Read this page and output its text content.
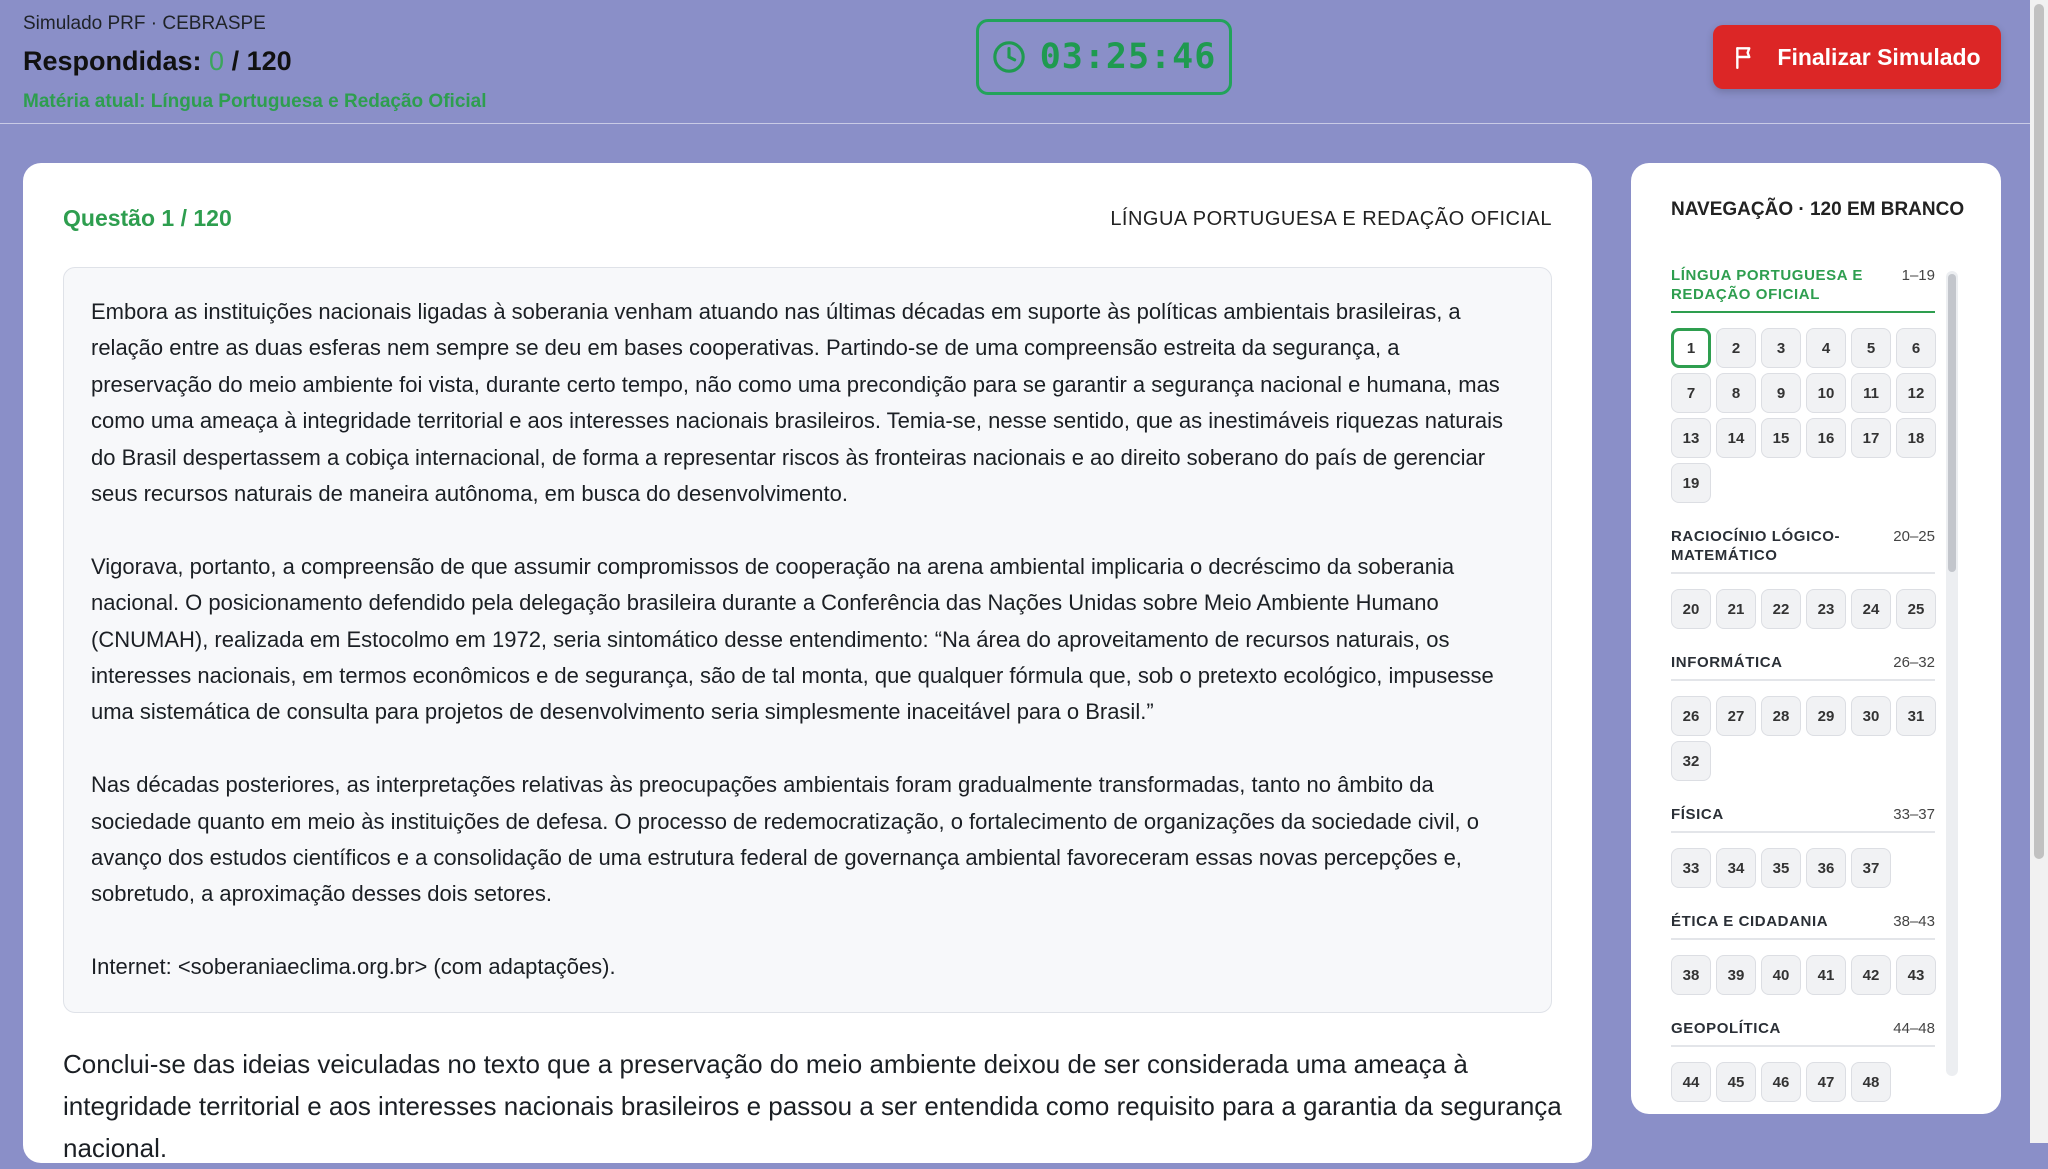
Simulado PRF · CEBRASPE
Respondidas: 0 / 120
Matéria atual: Língua Portuguesa e Redação Oficial
03:25:46	Finalizar Simulado
Questão 1 / 120	LÍNGUA PORTUGUESA E REDAÇÃO OFICIAL

Embora as instituições nacionais ligadas à soberania venham atuando nas últimas décadas em suporte às políticas ambientais brasileiras, a relação entre as duas esferas nem sempre se deu em bases cooperativas. Partindo-se de uma compreensão estreita da segurança, a preservação do meio ambiente foi vista, durante certo tempo, não como uma precondição para se garantir a segurança nacional e humana, mas como uma ameaça à integridade territorial e aos interesses nacionais brasileiros. Temia-se, nesse sentido, que as inestimáveis riquezas naturais do Brasil despertassem a cobiça internacional, de forma a representar riscos às fronteiras nacionais e ao direito soberano do país de gerenciar seus recursos naturais de maneira autônoma, em busca do desenvolvimento.

Vigorava, portanto, a compreensão de que assumir compromissos de cooperação na arena ambiental implicaria o decréscimo da soberania nacional. O posicionamento defendido pela delegação brasileira durante a Conferência das Nações Unidas sobre Meio Ambiente Humano (CNUMAH), realizada em Estocolmo em 1972, seria sintomático desse entendimento: “Na área do aproveitamento de recursos naturais, os interesses nacionais, em termos econômicos e de segurança, são de tal monta, que qualquer fórmula que, sob o pretexto ecológico, impusesse uma sistemática de consulta para projetos de desenvolvimento seria simplesmente inaceitável para o Brasil.”

Nas décadas posteriores, as interpretações relativas às preocupações ambientais foram gradualmente transformadas, tanto no âmbito da sociedade quanto em meio às instituições de defesa. O processo de redemocratização, o fortalecimento de organizações da sociedade civil, o avanço dos estudos científicos e a consolidação de uma estrutura federal de governança ambiental favoreceram essas novas percepções e, sobretudo, a aproximação desses dois setores.

Internet: <soberaniaeclima.org.br> (com adaptações).

Conclui-se das ideias veiculadas no texto que a preservação do meio ambiente deixou de ser considerada uma ameaça à integridade territorial e aos interesses nacionais brasileiros e passou a ser entendida como requisito para a garantia da segurança nacional.
NAVEGAÇÃO · 120 EM BRANCO
LÍNGUA PORTUGUESA E REDAÇÃO OFICIAL
1–19
1	2	3	4	5	6
7	8	9	10	11	12
13	14	15	16	17	18
19
RACIOCÍNIO LÓGICO-MATEMÁTICO
20–25
20	21	22	23	24	25
INFORMÁTICA	26–32
26	27	28	29	30	31
32
FÍSICA	33–37
33	34	35	36	37
ÉTICA E CIDADANIA	38–43
38	39	40	41	42	43
GEOPOLÍTICA	44–48
44	45	46	47	48
